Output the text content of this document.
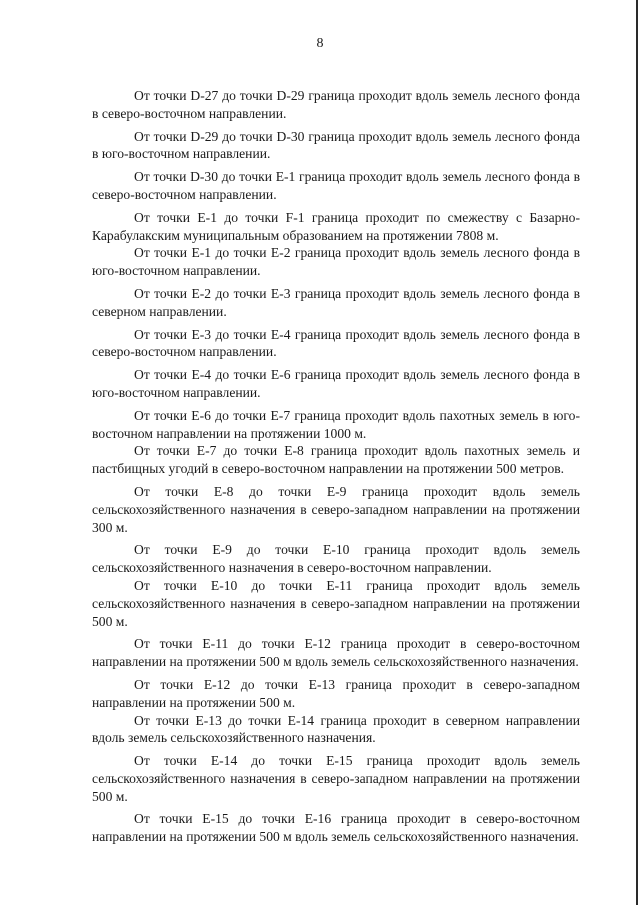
8

От точки D-27 до точки D-29 граница проходит вдоль земель лесного фонда в северо-восточном направлении.

От точки D-29 до точки D-30 граница проходит вдоль земель лесного фонда в юго-восточном направлении.

От точки D-30 до точки E-1 граница проходит вдоль земель лесного фонда в северо-восточном направлении.

От точки E-1 до точки F-1 граница проходит по смежеству с Базарно-Карабулакским муниципальным образованием на протяжении 7808 м.

От точки E-1 до точки E-2 граница проходит вдоль земель лесного фонда в юго-восточном направлении.

От точки E-2 до точки E-3 граница проходит вдоль земель лесного фонда в северном направлении.

От точки E-3 до точки E-4 граница проходит вдоль земель лесного фонда в северо-восточном направлении.

От точки E-4 до точки E-6 граница проходит вдоль земель лесного фонда в юго-восточном направлении.

От точки E-6 до точки E-7 граница проходит вдоль пахотных земель в юго-восточном направлении на протяжении 1000 м.

От точки E-7 до точки E-8 граница проходит вдоль пахотных земель и пастбищных угодий в северо-восточном направлении на протяжении 500 метров.

От точки E-8 до точки E-9 граница проходит вдоль земель сельскохозяйственного назначения в северо-западном направлении на протяжении 300 м.

От точки E-9 до точки E-10 граница проходит вдоль земель сельскохозяйственного назначения в северо-восточном направлении.

От точки E-10 до точки E-11 граница проходит вдоль земель сельскохозяйственного назначения в северо-западном направлении на протяжении 500 м.

От точки E-11 до точки E-12 граница проходит в северо-восточном направлении на протяжении 500 м вдоль земель сельскохозяйственного назначения.

От точки E-12 до точки E-13 граница проходит в северо-западном направлении на протяжении 500 м.

От точки E-13 до точки E-14 граница проходит в северном направлении вдоль земель сельскохозяйственного назначения.

От точки E-14 до точки E-15 граница проходит вдоль земель сельскохозяйственного назначения в северо-западном направлении на протяжении 500 м.

От точки E-15 до точки E-16 граница проходит в северо-восточном направлении на протяжении 500 м вдоль земель сельскохозяйственного назначения.
